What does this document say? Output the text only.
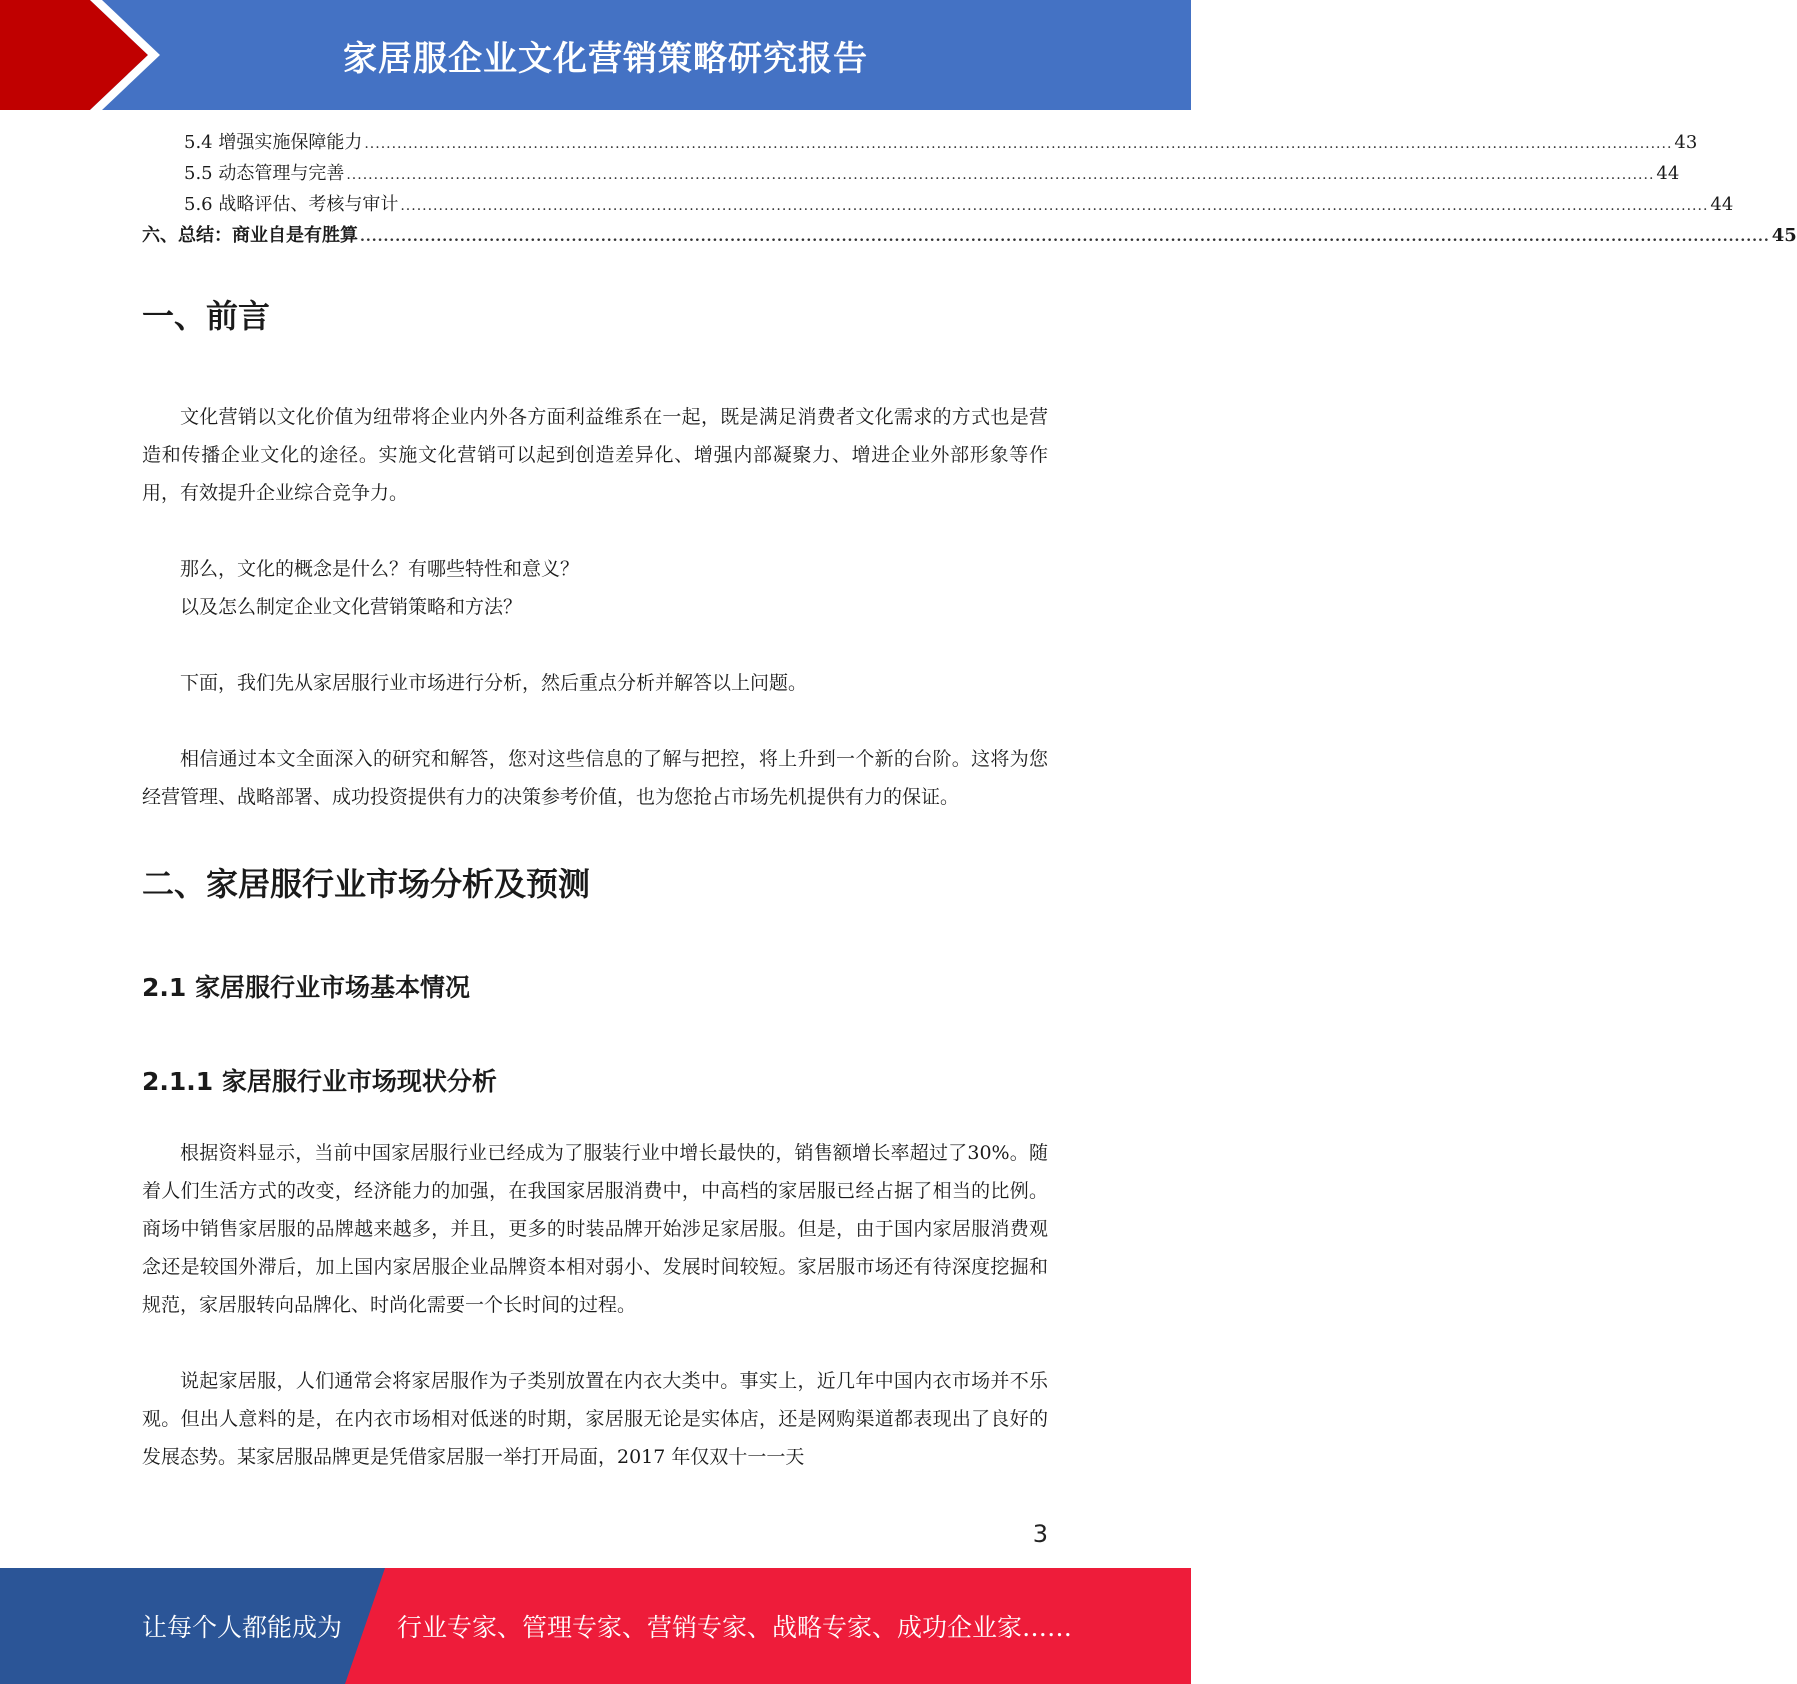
家居服企业文化营销策略研究报告
5.4 增强实施保障能力 ................................................................................................................................................................................................................................................ 43
5.5 动态管理与完善 ................................................................................................................................................................................................................................................ 44
5.6 战略评估、考核与审计 ................................................................................................................................................................................................................................................ 44
六、总结：商业自是有胜算 ................................................................................................................................................................................................................................................ 45
一、前言

文化营销以文化价值为纽带将企业内外各方面利益维系在一起，既是满足消费者文化需求的方式也是营造和传播企业文化的途径。实施文化营销可以起到创造差异化、增强内部凝聚力、增进企业外部形象等作用，有效提升企业综合竞争力。

那么，文化的概念是什么？有哪些特性和意义？

以及怎么制定企业文化营销策略和方法？

下面，我们先从家居服行业市场进行分析，然后重点分析并解答以上问题。

相信通过本文全面深入的研究和解答，您对这些信息的了解与把控，将上升到一个新的台阶。这将为您经营管理、战略部署、成功投资提供有力的决策参考价值，也为您抢占市场先机提供有力的保证。

二、家居服行业市场分析及预测
2.1 家居服行业市场基本情况
2.1.1 家居服行业市场现状分析

根据资料显示，当前中国家居服行业已经成为了服装行业中增长最快的，销售额增长率超过了30%。随着人们生活方式的改变，经济能力的加强，在我国家居服消费中，中高档的家居服已经占据了相当的比例。商场中销售家居服的品牌越来越多，并且，更多的时装品牌开始涉足家居服。但是，由于国内家居服消费观念还是较国外滞后，加上国内家居服企业品牌资本相对弱小、发展时间较短。家居服市场还有待深度挖掘和规范，家居服转向品牌化、时尚化需要一个长时间的过程。

说起家居服，人们通常会将家居服作为子类别放置在内衣大类中。事实上，近几年中国内衣市场并不乐观。但出人意料的是，在内衣市场相对低迷的时期，家居服无论是实体店，还是网购渠道都表现出了良好的发展态势。某家居服品牌更是凭借家居服一举打开局面，2017 年仅双十一一天

3
让每个人都能成为 行业专家、管理专家、营销专家、战略专家、成功企业家……
